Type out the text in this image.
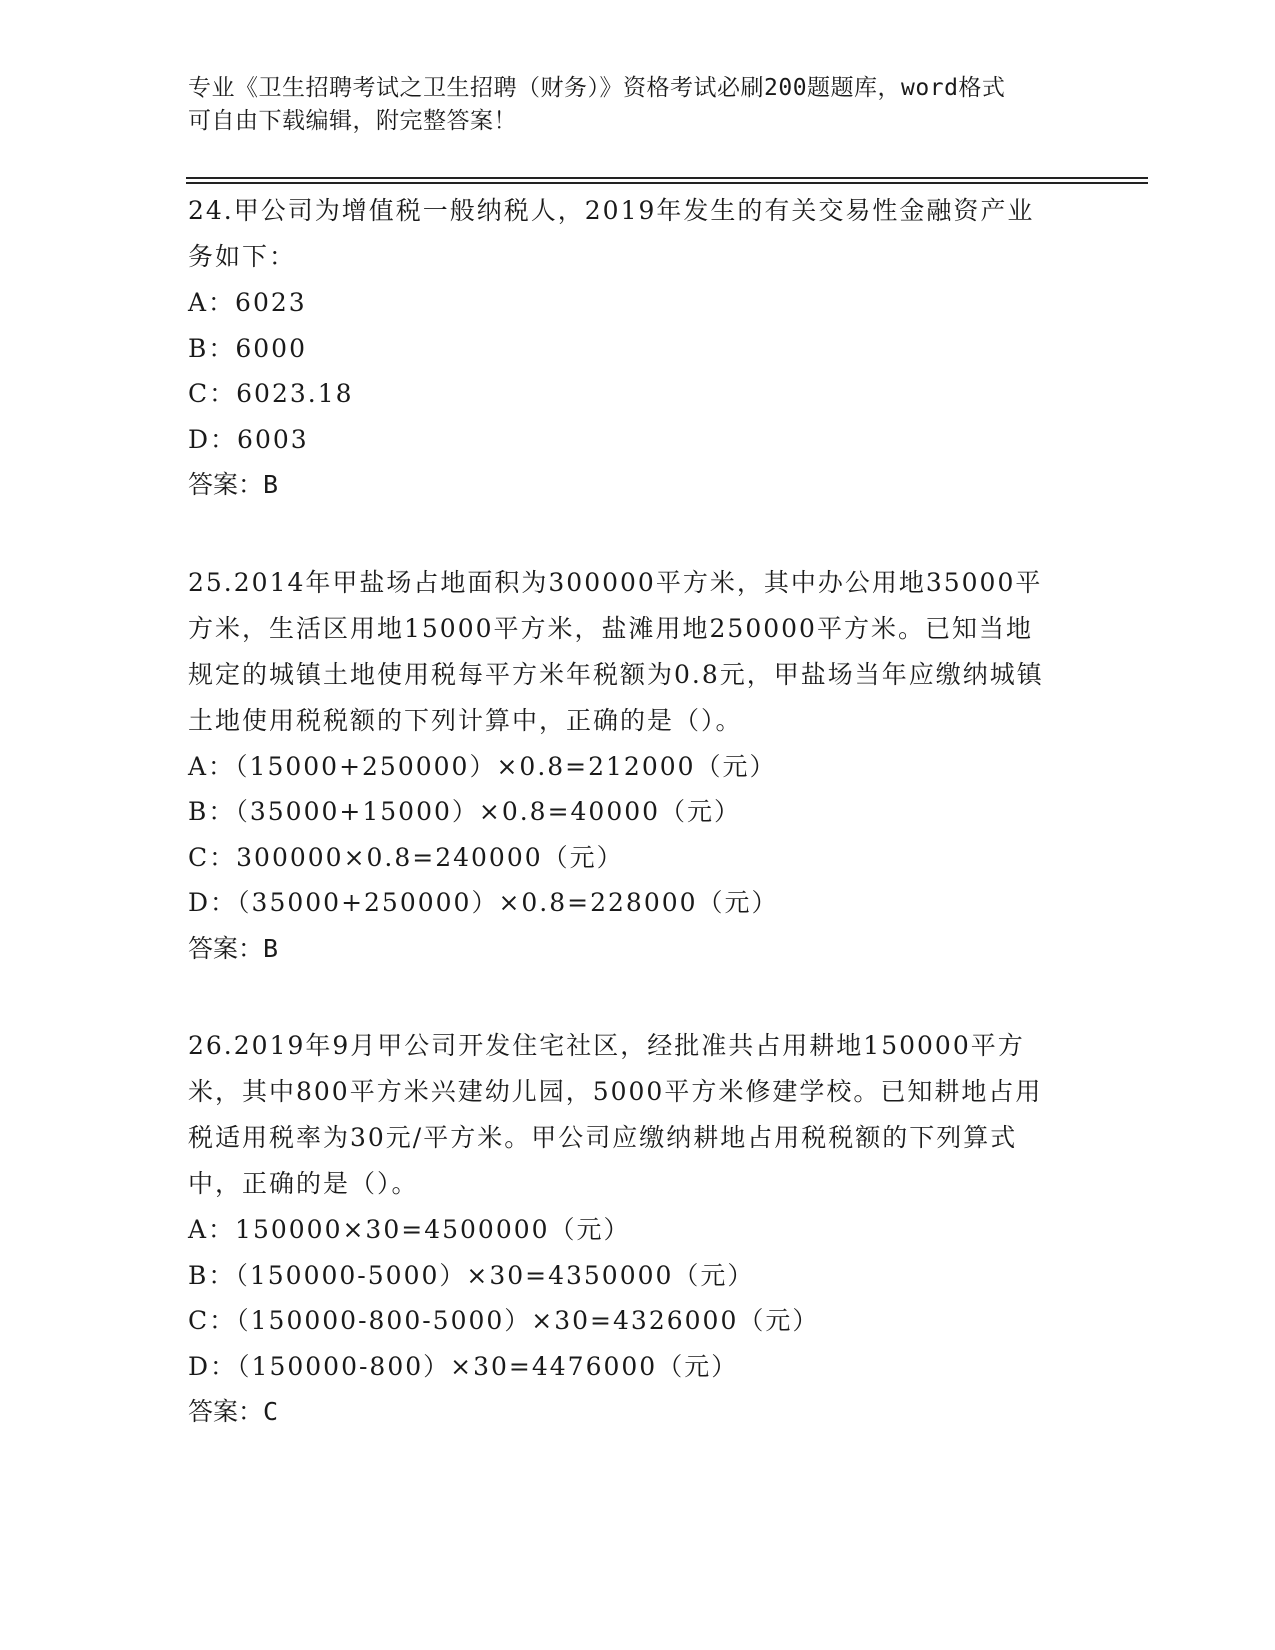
专业《卫生招聘考试之卫生招聘（财务）》资格考试必刷200题题库，word格式
可自由下载编辑，附完整答案！

24.甲公司为增值税一般纳税人，2019年发生的有关交易性金融资产业务如下：

A：6023

B：6000

C：6023.18

D：6003

答案：B

25.2014年甲盐场占地面积为300000平方米，其中办公用地35000平方米，生活区用地15000平方米，盐滩用地250000平方米。已知当地规定的城镇土地使用税每平方米年税额为0.8元，甲盐场当年应缴纳城镇土地使用税税额的下列计算中，正确的是（）。

A：（15000+250000）×0.8=212000（元）

B：（35000+15000）×0.8=40000（元）

C：300000×0.8=240000（元）

D：（35000+250000）×0.8=228000（元）

答案：B

26.2019年9月甲公司开发住宅社区，经批准共占用耕地150000平方米，其中800平方米兴建幼儿园，5000平方米修建学校。已知耕地占用税适用税率为30元/平方米。甲公司应缴纳耕地占用税税额的下列算式中，正确的是（）。

A：150000×30=4500000（元）

B：（150000-5000）×30=4350000（元）

C：（150000-800-5000）×30=4326000（元）

D：（150000-800）×30=4476000（元）

答案：C
